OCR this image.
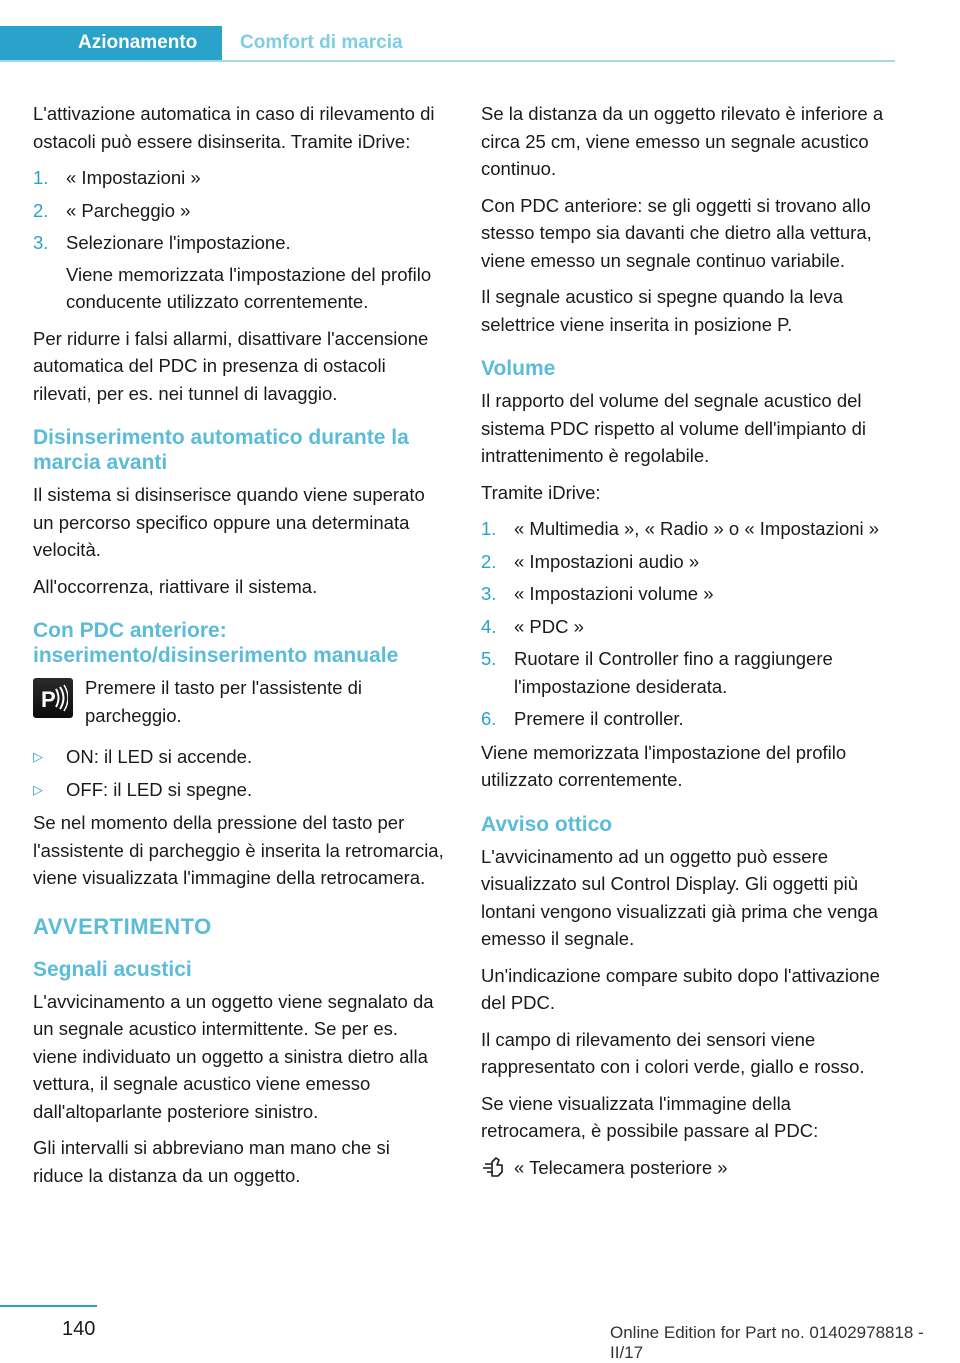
Azionamento	Comfort di marcia

L'attivazione automatica in caso di rilevamento di ostacoli può essere disinserita. Tramite iDrive:

1. « Impostazioni »
2. « Parcheggio »
3. Selezionare l'impostazione.
Viene memorizzata l'impostazione del profilo conducente utilizzato correntemente.

Per ridurre i falsi allarmi, disattivare l'accensione automatica del PDC in presenza di ostacoli rilevati, per es. nei tunnel di lavaggio.

Disinserimento automatico durante la marcia avanti

Il sistema si disinserisce quando viene superato un percorso specifico oppure una determinata velocità.

All'occorrenza, riattivare il sistema.

Con PDC anteriore: inserimento/disinserimento manuale
P Premere il tasto per l'assistente di parcheggio.
▷	ON: il LED si accende.
▷	OFF: il LED si spegne.

Se nel momento della pressione del tasto per l'assistente di parcheggio è inserita la retromarcia, viene visualizzata l'immagine della retrocamera.

AVVERTIMENTO
Segnali acustici

L'avvicinamento a un oggetto viene segnalato da un segnale acustico intermittente. Se per es. viene individuato un oggetto a sinistra dietro alla vettura, il segnale acustico viene emesso dall'altoparlante posteriore sinistro.

Gli intervalli si abbreviano man mano che si riduce la distanza da un oggetto.

Se la distanza da un oggetto rilevato è inferiore a circa 25 cm, viene emesso un segnale acustico continuo.

Con PDC anteriore: se gli oggetti si trovano allo stesso tempo sia davanti che dietro alla vettura, viene emesso un segnale continuo variabile.

Il segnale acustico si spegne quando la leva selettrice viene inserita in posizione P.

Volume

Il rapporto del volume del segnale acustico del sistema PDC rispetto al volume dell'impianto di intrattenimento è regolabile.

Tramite iDrive:

1. « Multimedia », « Radio » o « Impostazioni »
2. « Impostazioni audio »
3. « Impostazioni volume »
4. « PDC »
5. Ruotare il Controller fino a raggiungere l'impostazione desiderata.
6. Premere il controller.

Viene memorizzata l'impostazione del profilo utilizzato correntemente.

Avviso ottico

L'avvicinamento ad un oggetto può essere visualizzato sul Control Display. Gli oggetti più lontani vengono visualizzati già prima che venga emesso il segnale.

Un'indicazione compare subito dopo l'attivazione del PDC.

Il campo di rilevamento dei sensori viene rappresentato con i colori verde, giallo e rosso.

Se viene visualizzata l'immagine della retrocamera, è possibile passare al PDC:

« Telecamera posteriore »
140	Online Edition for Part no. 01402978818 - II/17
